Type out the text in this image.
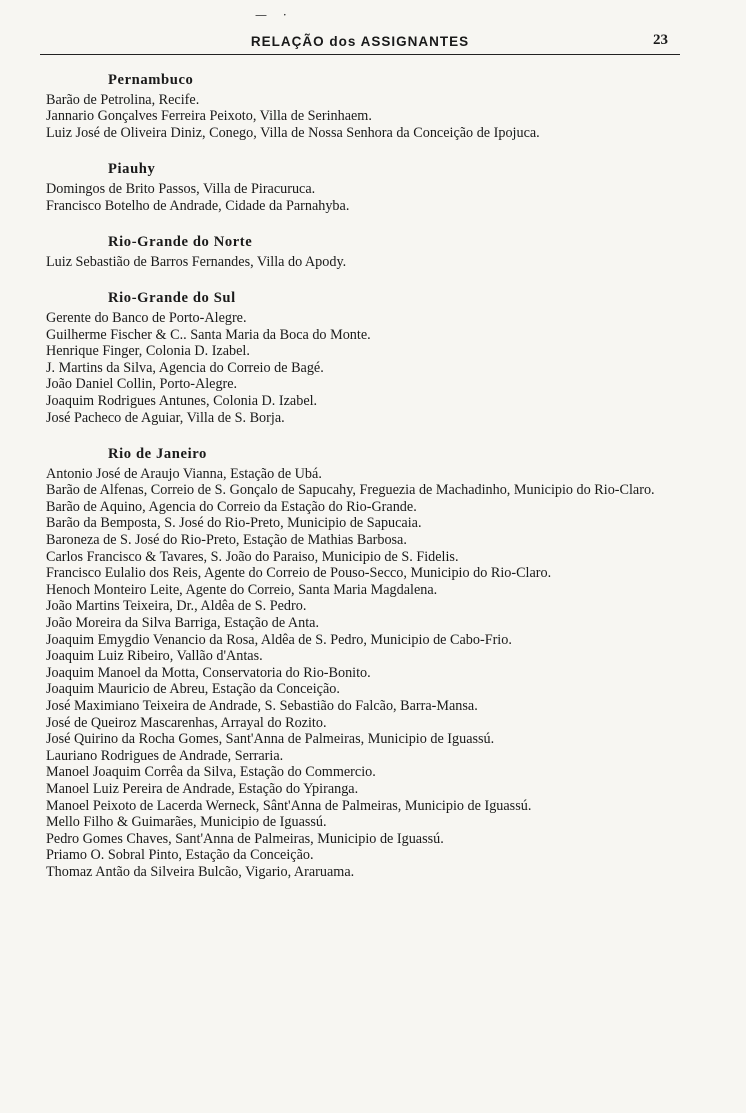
— ·
RELAÇÃO dos ASSIGNANTES	23
Pernambuco
Barão de Petrolina, Recife.
Jannario Gonçalves Ferreira Peixoto, Villa de Serinhaem.
Luiz José de Oliveira Diniz, Conego, Villa de Nossa Senhora da Conceição de Ipojuca.
Piauhy
Domingos de Brito Passos, Villa de Piracuruca.
Francisco Botelho de Andrade, Cidade da Parnahyba.
Rio-Grande do Norte
Luiz Sebastião de Barros Fernandes, Villa do Apody.
Rio-Grande do Sul
Gerente do Banco de Porto-Alegre.
Guilherme Fischer & C.. Santa Maria da Boca do Monte.
Henrique Finger, Colonia D. Izabel.
J. Martins da Silva, Agencia do Correio de Bagé.
João Daniel Collin, Porto-Alegre.
Joaquim Rodrigues Antunes, Colonia D. Izabel.
José Pacheco de Aguiar, Villa de S. Borja.
Rio de Janeiro
Antonio José de Araujo Vianna, Estação de Ubá.
Barão de Alfenas, Correio de S. Gonçalo de Sapucahy, Freguezia de Machadinho, Municipio do Rio-Claro.
Barão de Aquino, Agencia do Correio da Estação do Rio-Grande.
Barão da Bemposta, S. José do Rio-Preto, Municipio de Sapucaia.
Baroneza de S. José do Rio-Preto, Estação de Mathias Barbosa.
Carlos Francisco & Tavares, S. João do Paraiso, Municipio de S. Fidelis.
Francisco Eulalio dos Reis, Agente do Correio de Pouso-Secco, Municipio do Rio-Claro.
Henoch Monteiro Leite, Agente do Correio, Santa Maria Magdalena.
João Martins Teixeira, Dr., Aldêa de S. Pedro.
João Moreira da Silva Barriga, Estação de Anta.
Joaquim Emygdio Venancio da Rosa, Aldêa de S. Pedro, Municipio de Cabo-Frio.
Joaquim Luiz Ribeiro, Vallão d'Antas.
Joaquim Manoel da Motta, Conservatoria do Rio-Bonito.
Joaquim Mauricio de Abreu, Estação da Conceição.
José Maximiano Teixeira de Andrade, S. Sebastião do Falcão, Barra-Mansa.
José de Queiroz Mascarenhas, Arrayal do Rozito.
José Quirino da Rocha Gomes, Sant'Anna de Palmeiras, Municipio de Iguassú.
Lauriano Rodrigues de Andrade, Serraria.
Manoel Joaquim Corrêa da Silva, Estação do Commercio.
Manoel Luiz Pereira de Andrade, Estação do Ypiranga.
Manoel Peixoto de Lacerda Werneck, Sânt'Anna de Palmeiras, Municipio de Iguassú.
Mello Filho & Guimarães, Municipio de Iguassú.
Pedro Gomes Chaves, Sant'Anna de Palmeiras, Municipio de Iguassú.
Priamo O. Sobral Pinto, Estação da Conceição.
Thomaz Antão da Silveira Bulcão, Vigario, Araruama.
